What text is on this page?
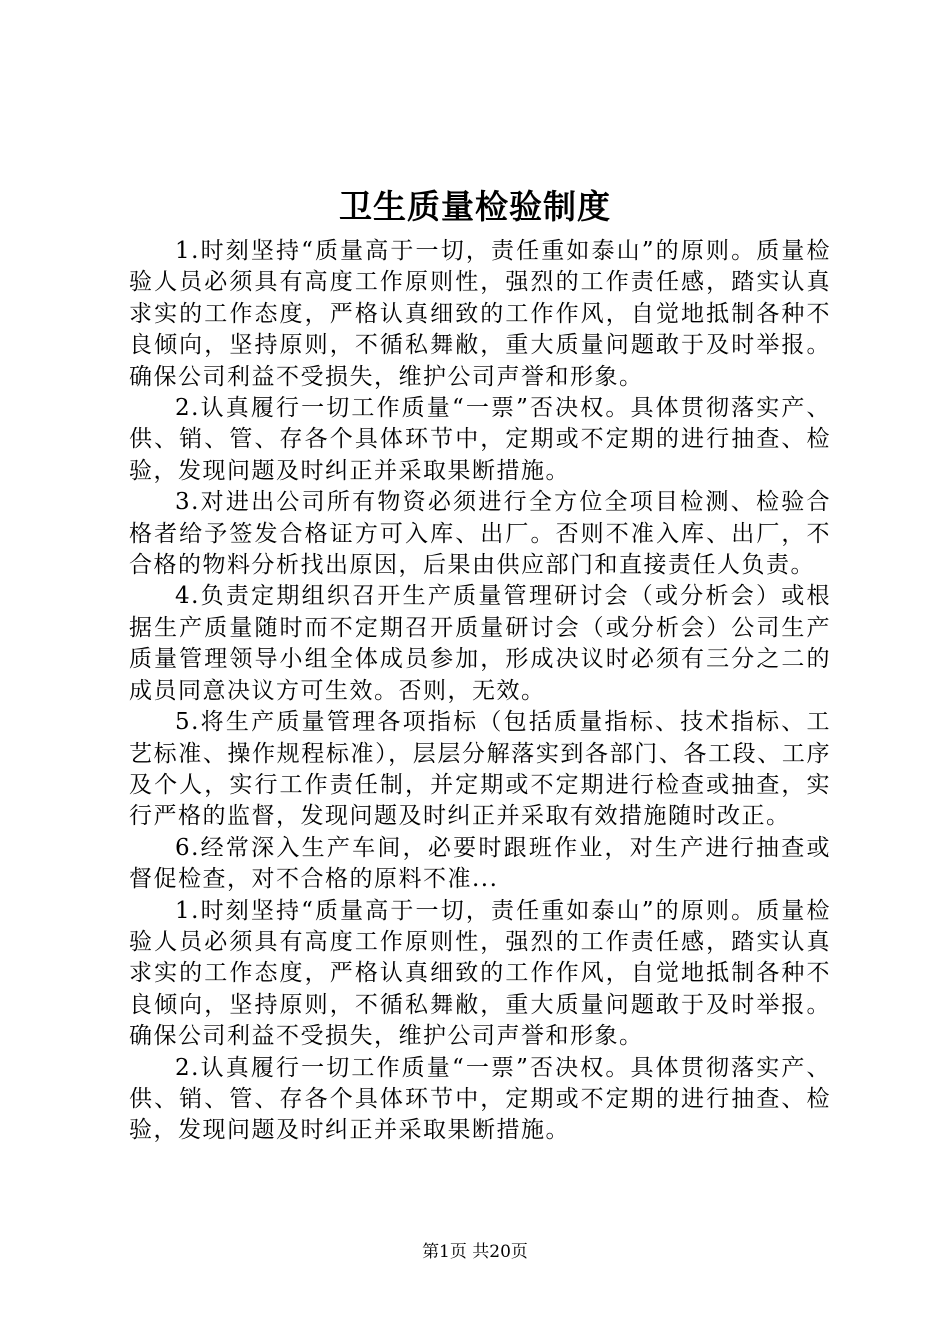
卫生质量检验制度

1.时刻坚持“质量高于一切，责任重如泰山”的原则。质量检验人员必须具有高度工作原则性，强烈的工作责任感，踏实认真求实的工作态度，严格认真细致的工作作风，自觉地抵制各种不良倾向，坚持原则，不循私舞敝，重大质量问题敢于及时举报。确保公司利益不受损失，维护公司声誉和形象。

2.认真履行一切工作质量“一票”否决权。具体贯彻落实产、供、销、管、存各个具体环节中，定期或不定期的进行抽查、检验，发现问题及时纠正并采取果断措施。

3.对进出公司所有物资必须进行全方位全项目检测、检验合格者给予签发合格证方可入库、出厂。否则不准入库、出厂，不合格的物料分析找出原因，后果由供应部门和直接责任人负责。

4.负责定期组织召开生产质量管理研讨会（或分析会）或根据生产质量随时而不定期召开质量研讨会（或分析会）公司生产质量管理领导小组全体成员参加，形成决议时必须有三分之二的成员同意决议方可生效。否则，无效。

5.将生产质量管理各项指标（包括质量指标、技术指标、工艺标准、操作规程标准），层层分解落实到各部门、各工段、工序及个人，实行工作责任制，并定期或不定期进行检查或抽查，实行严格的监督，发现问题及时纠正并采取有效措施随时改正。

6.经常深入生产车间，必要时跟班作业，对生产进行抽查或督促检查，对不合格的原料不准...

1.时刻坚持“质量高于一切，责任重如泰山”的原则。质量检验人员必须具有高度工作原则性，强烈的工作责任感，踏实认真求实的工作态度，严格认真细致的工作作风，自觉地抵制各种不良倾向，坚持原则，不循私舞敝，重大质量问题敢于及时举报。确保公司利益不受损失，维护公司声誉和形象。

2.认真履行一切工作质量“一票”否决权。具体贯彻落实产、供、销、管、存各个具体环节中，定期或不定期的进行抽查、检验，发现问题及时纠正并采取果断措施。

第1页 共20页
